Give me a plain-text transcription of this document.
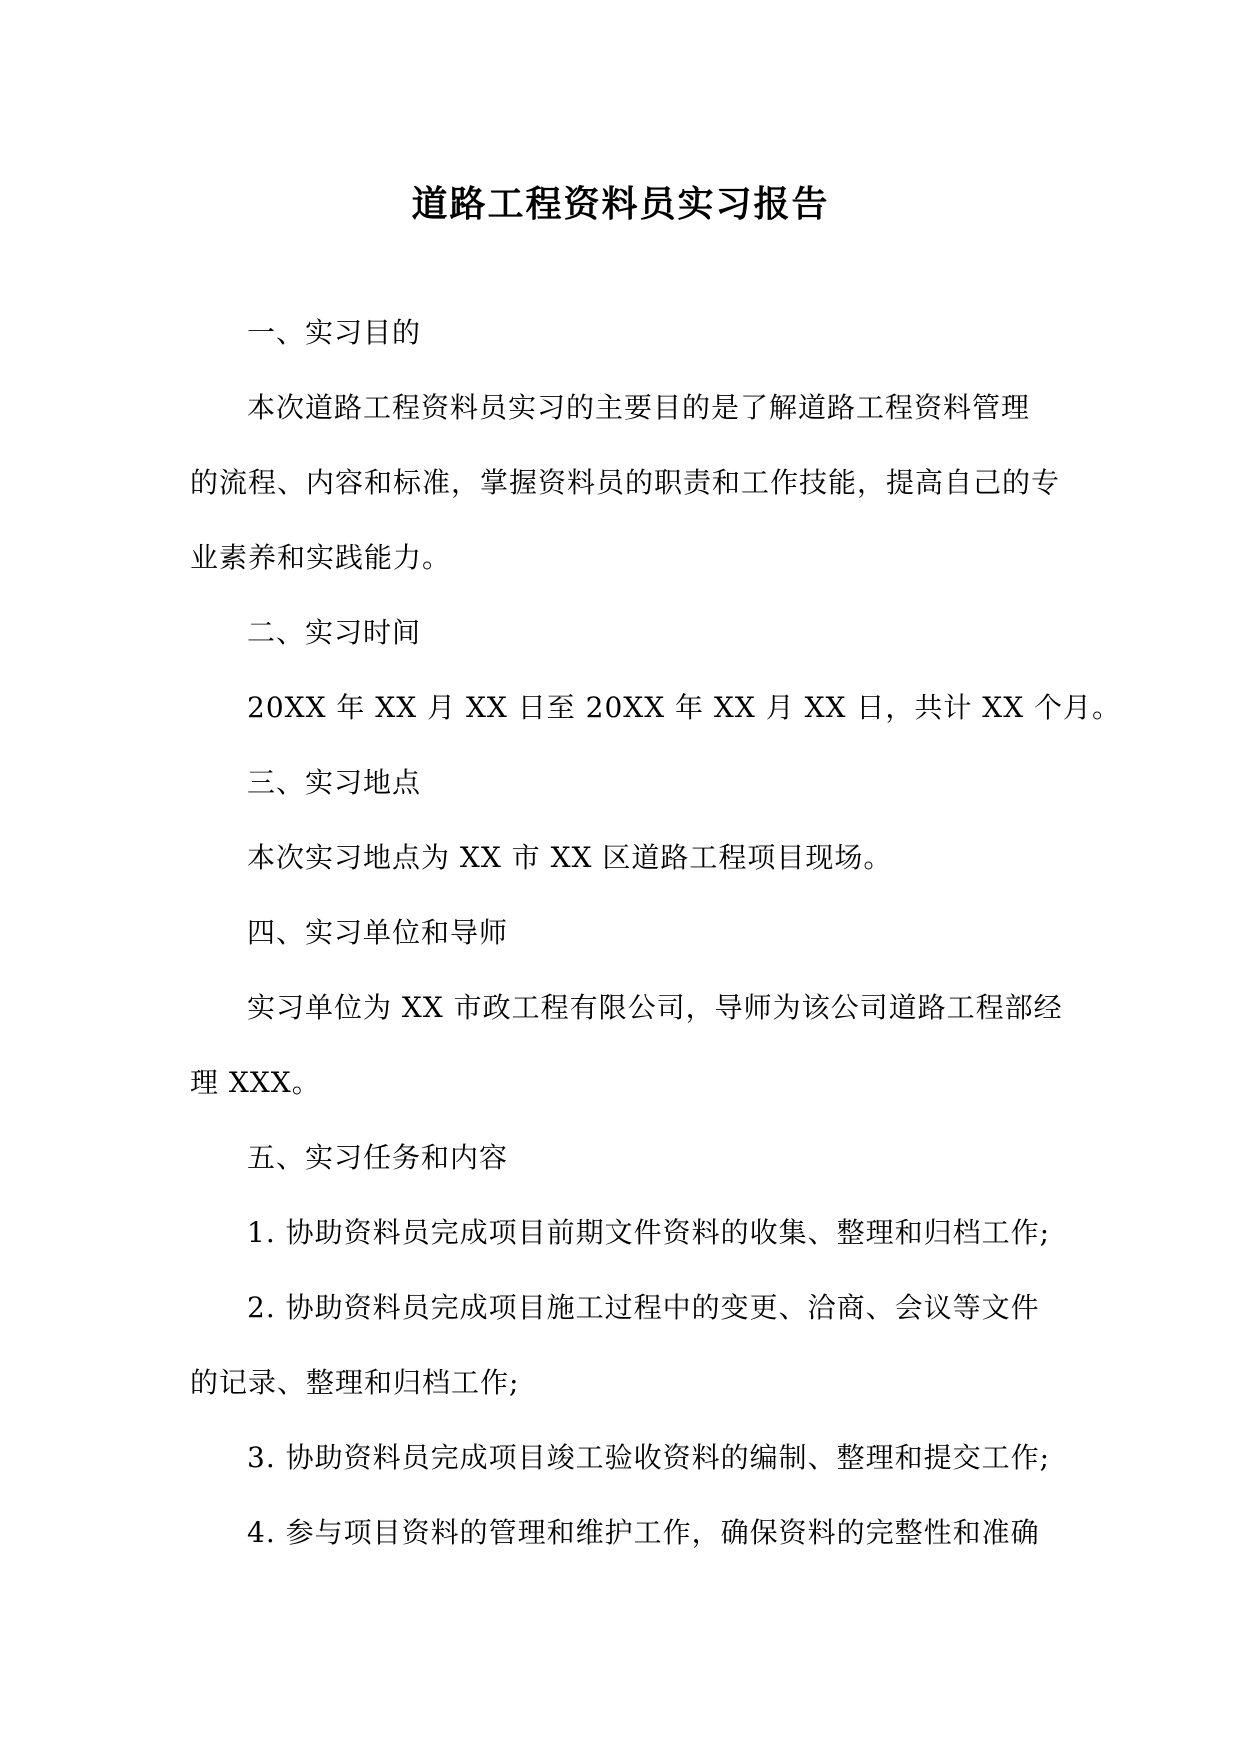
道路工程资料员实习报告

一、实习目的

本次道路工程资料员实习的主要目的是了解道路工程资料管理

的流程、内容和标准，掌握资料员的职责和工作技能，提高自己的专

业素养和实践能力。

二、实习时间

20XX 年 XX 月 XX 日至 20XX 年 XX 月 XX 日，共计 XX 个月。

三、实习地点

本次实习地点为 XX 市 XX 区道路工程项目现场。

四、实习单位和导师

实习单位为 XX 市政工程有限公司，导师为该公司道路工程部经

理 XXX。

五、实习任务和内容

1. 协助资料员完成项目前期文件资料的收集、整理和归档工作;

2. 协助资料员完成项目施工过程中的变更、洽商、会议等文件

的记录、整理和归档工作;

3. 协助资料员完成项目竣工验收资料的编制、整理和提交工作;

4. 参与项目资料的管理和维护工作，确保资料的完整性和准确
